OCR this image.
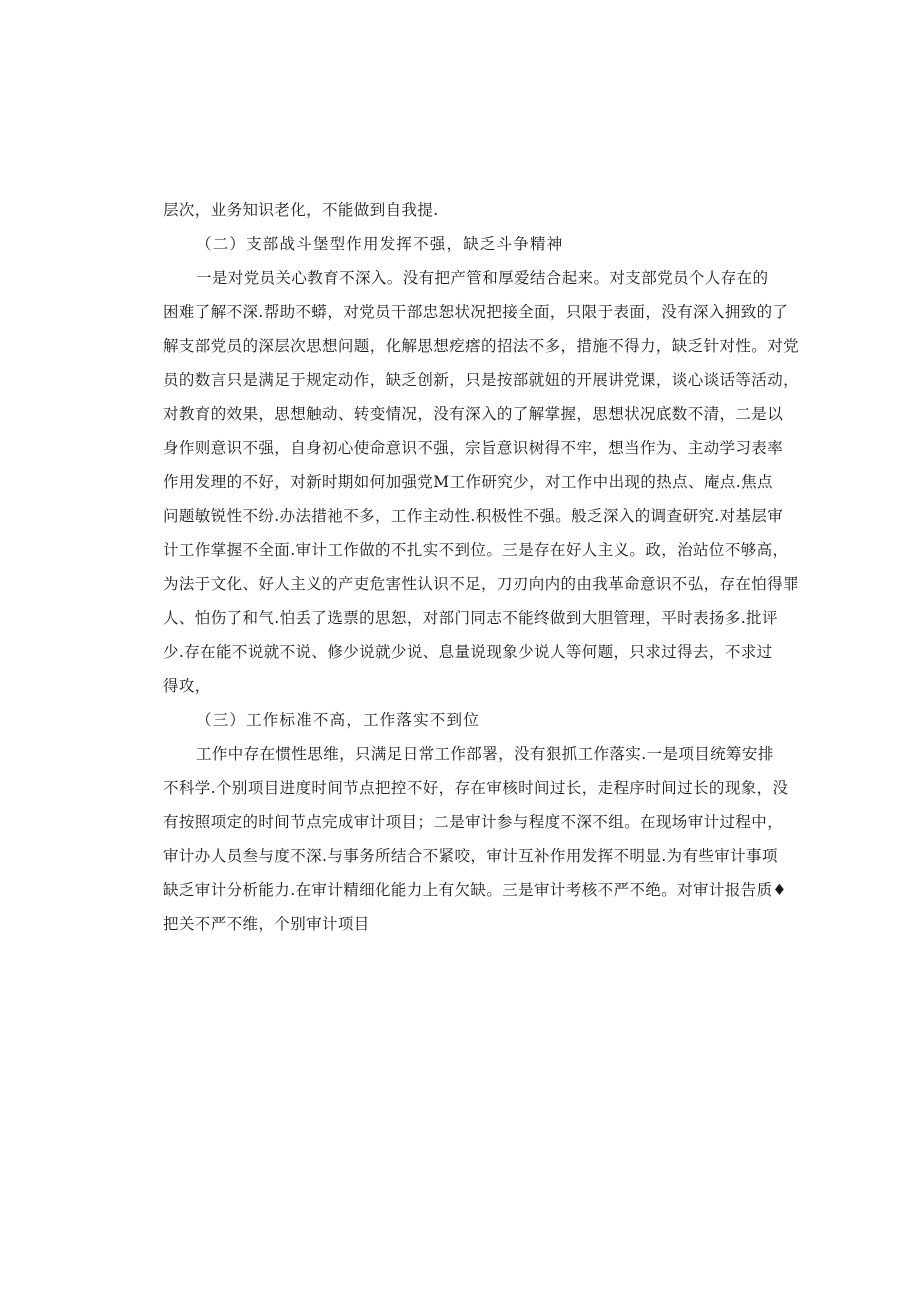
层次，业务知识老化，不能做到自我提.
（二）支部战斗堡型作用发挥不强，缺乏斗争精神
一是对党员关心教育不深入。没有把产管和厚爱结合起来。对支部党员个人存在的
困难了解不深.帮助不蟒，对党员干部忠恕状况把接全面，只限于表面，没有深入拥致的了
解支部党员的深层次思想问题，化解思想疙瘩的招法不多，措施不得力，缺乏针对性。对党
员的数言只是满足于规定动作，缺乏创新，只是按部就妞的开展讲党课，谈心谈话等活动，
对教育的效果，思想触动、转变情况，没有深入的了解掌握，思想状况底数不清，二是以
身作则意识不强，自身初心使命意识不强，宗旨意识树得不牢，想当作为、主动学习表率
作用发理的不好，对新时期如何加强党M工作研究少，对工作中出现的热点、庵点.焦点
问题敏锐性不纷.办法措祂不多，工作主动性.积极性不强。般乏深入的调查研究.对基层审
计工作掌握不全面.审计工作做的不扎实不到位。三是存在好人主义。政，治站位不够高，
为法于文化、好人主义的产吏危害性认识不足，刀刃向内的由我革命意识不弘，存在怕得罪
人、怕伤了和气.怕丢了选票的思恕，对部门同志不能终做到大胆管理，平时表扬多.批评
少.存在能不说就不说、修少说就少说、息量说现象少说人等何题，只求过得去，不求过
得攻，
（三）工作标准不高，工作落实不到位
工作中存在惯性思维，只满足日常工作部署，没有狠抓工作落实.一是项目统筹安排
不科学.个别项目进度时间节点把控不好，存在审核时间过长，走程序时间过长的现象，没
有按照项定的时间节点完成审计项目；二是审计参与程度不深不组。在现场审计过程中，
审计办人员叁与度不深.与事务所结合不紧咬，审计互补作用发挥不明显.为有些审计事项
缺乏审计分析能力.在审计精细化能力上有欠缺。三是审计考核不严不绝。对审计报告质♦
把关不严不维，个别审计项目
